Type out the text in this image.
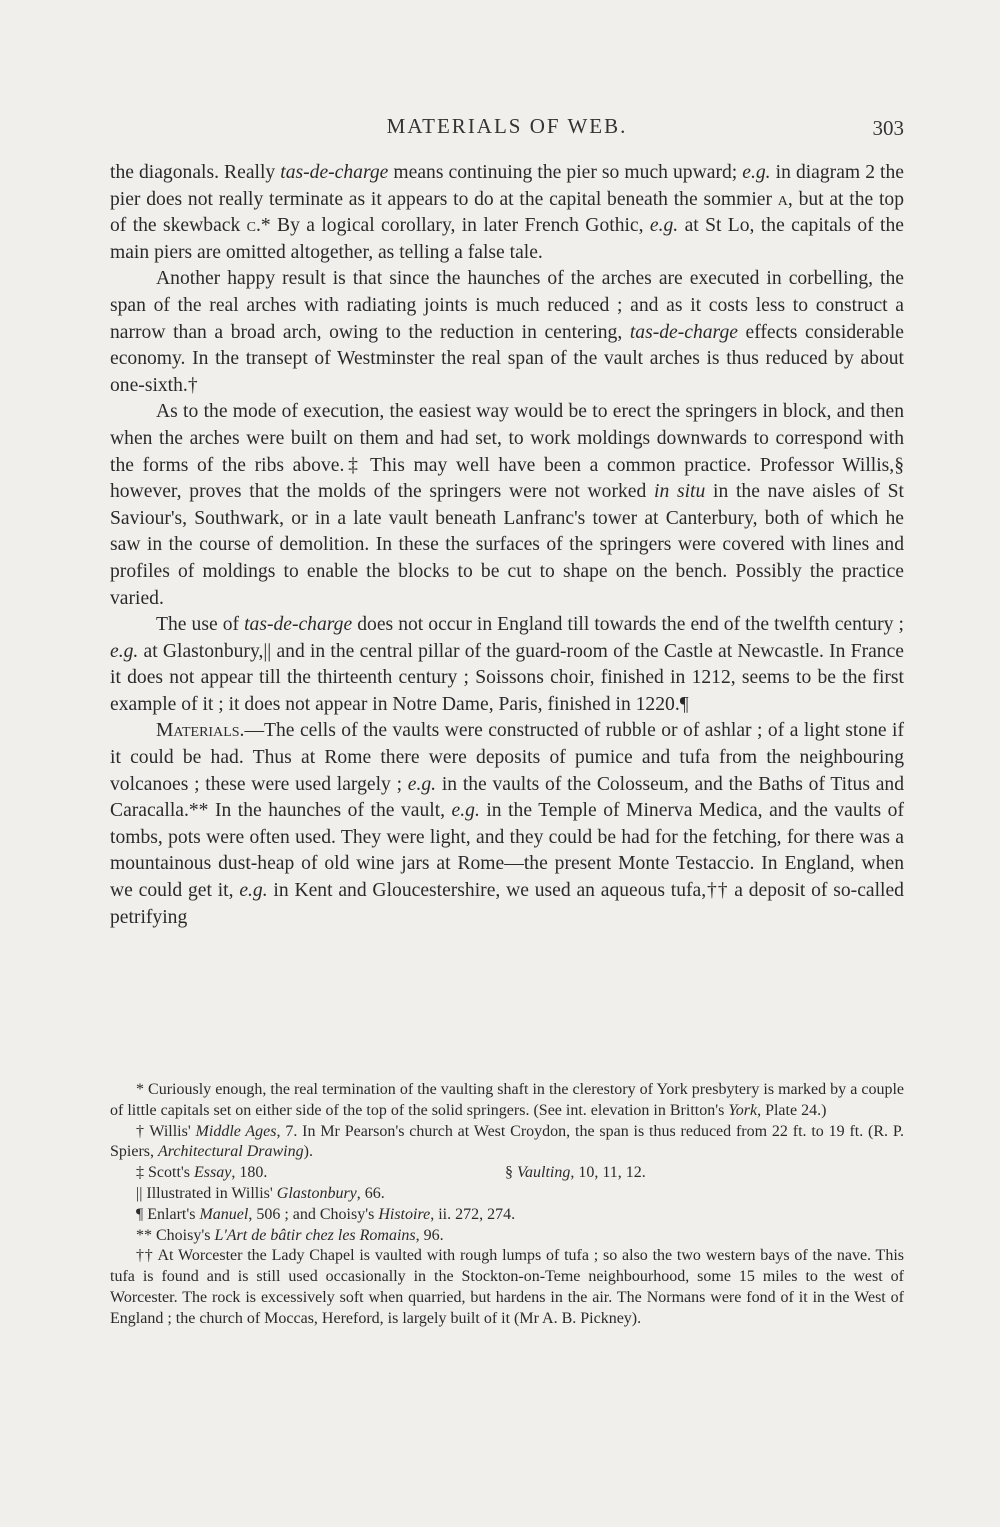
MATERIALS OF WEB.	303

the diagonals. Really tas-de-charge means continuing the pier so much upward; e.g. in diagram 2 the pier does not really terminate as it appears to do at the capital beneath the sommier a, but at the top of the skewback c.* By a logical corollary, in later French Gothic, e.g. at St Lo, the capitals of the main piers are omitted altogether, as telling a false tale.

Another happy result is that since the haunches of the arches are executed in corbelling, the span of the real arches with radiating joints is much reduced ; and as it costs less to construct a narrow than a broad arch, owing to the reduction in centering, tas-de-charge effects considerable economy. In the transept of Westminster the real span of the vault arches is thus reduced by about one-sixth.†

As to the mode of execution, the easiest way would be to erect the springers in block, and then when the arches were built on them and had set, to work moldings downwards to correspond with the forms of the ribs above.‡ This may well have been a common practice. Professor Willis,§ however, proves that the molds of the springers were not worked in situ in the nave aisles of St Saviour's, Southwark, or in a late vault beneath Lanfranc's tower at Canterbury, both of which he saw in the course of demolition. In these the surfaces of the springers were covered with lines and profiles of moldings to enable the blocks to be cut to shape on the bench. Possibly the practice varied.

The use of tas-de-charge does not occur in England till towards the end of the twelfth century ; e.g. at Glastonbury,|| and in the central pillar of the guard-room of the Castle at Newcastle. In France it does not appear till the thirteenth century ; Soissons choir, finished in 1212, seems to be the first example of it ; it does not appear in Notre Dame, Paris, finished in 1220.¶

Materials.—The cells of the vaults were constructed of rubble or of ashlar ; of a light stone if it could be had. Thus at Rome there were deposits of pumice and tufa from the neighbouring volcanoes ; these were used largely ; e.g. in the vaults of the Colosseum, and the Baths of Titus and Caracalla.** In the haunches of the vault, e.g. in the Temple of Minerva Medica, and the vaults of tombs, pots were often used. They were light, and they could be had for the fetching, for there was a mountainous dust-heap of old wine jars at Rome—the present Monte Testaccio. In England, when we could get it, e.g. in Kent and Gloucestershire, we used an aqueous tufa,†† a deposit of so-called petrifying

* Curiously enough, the real termination of the vaulting shaft in the clerestory of York presbytery is marked by a couple of little capitals set on either side of the top of the solid springers. (See int. elevation in Britton's York, Plate 24.)

† Willis' Middle Ages, 7. In Mr Pearson's church at West Croydon, the span is thus reduced from 22 ft. to 19 ft. (R. P. Spiers, Architectural Drawing).

‡ Scott's Essay, 180.	§ Vaulting, 10, 11, 12.

|| Illustrated in Willis' Glastonbury, 66.

¶ Enlart's Manuel, 506 ; and Choisy's Histoire, ii. 272, 274.

** Choisy's L'Art de bâtir chez les Romains, 96.

†† At Worcester the Lady Chapel is vaulted with rough lumps of tufa ; so also the two western bays of the nave. This tufa is found and is still used occasionally in the Stockton-on-Teme neighbourhood, some 15 miles to the west of Worcester. The rock is excessively soft when quarried, but hardens in the air. The Normans were fond of it in the West of England ; the church of Moccas, Hereford, is largely built of it (Mr A. B. Pickney).
